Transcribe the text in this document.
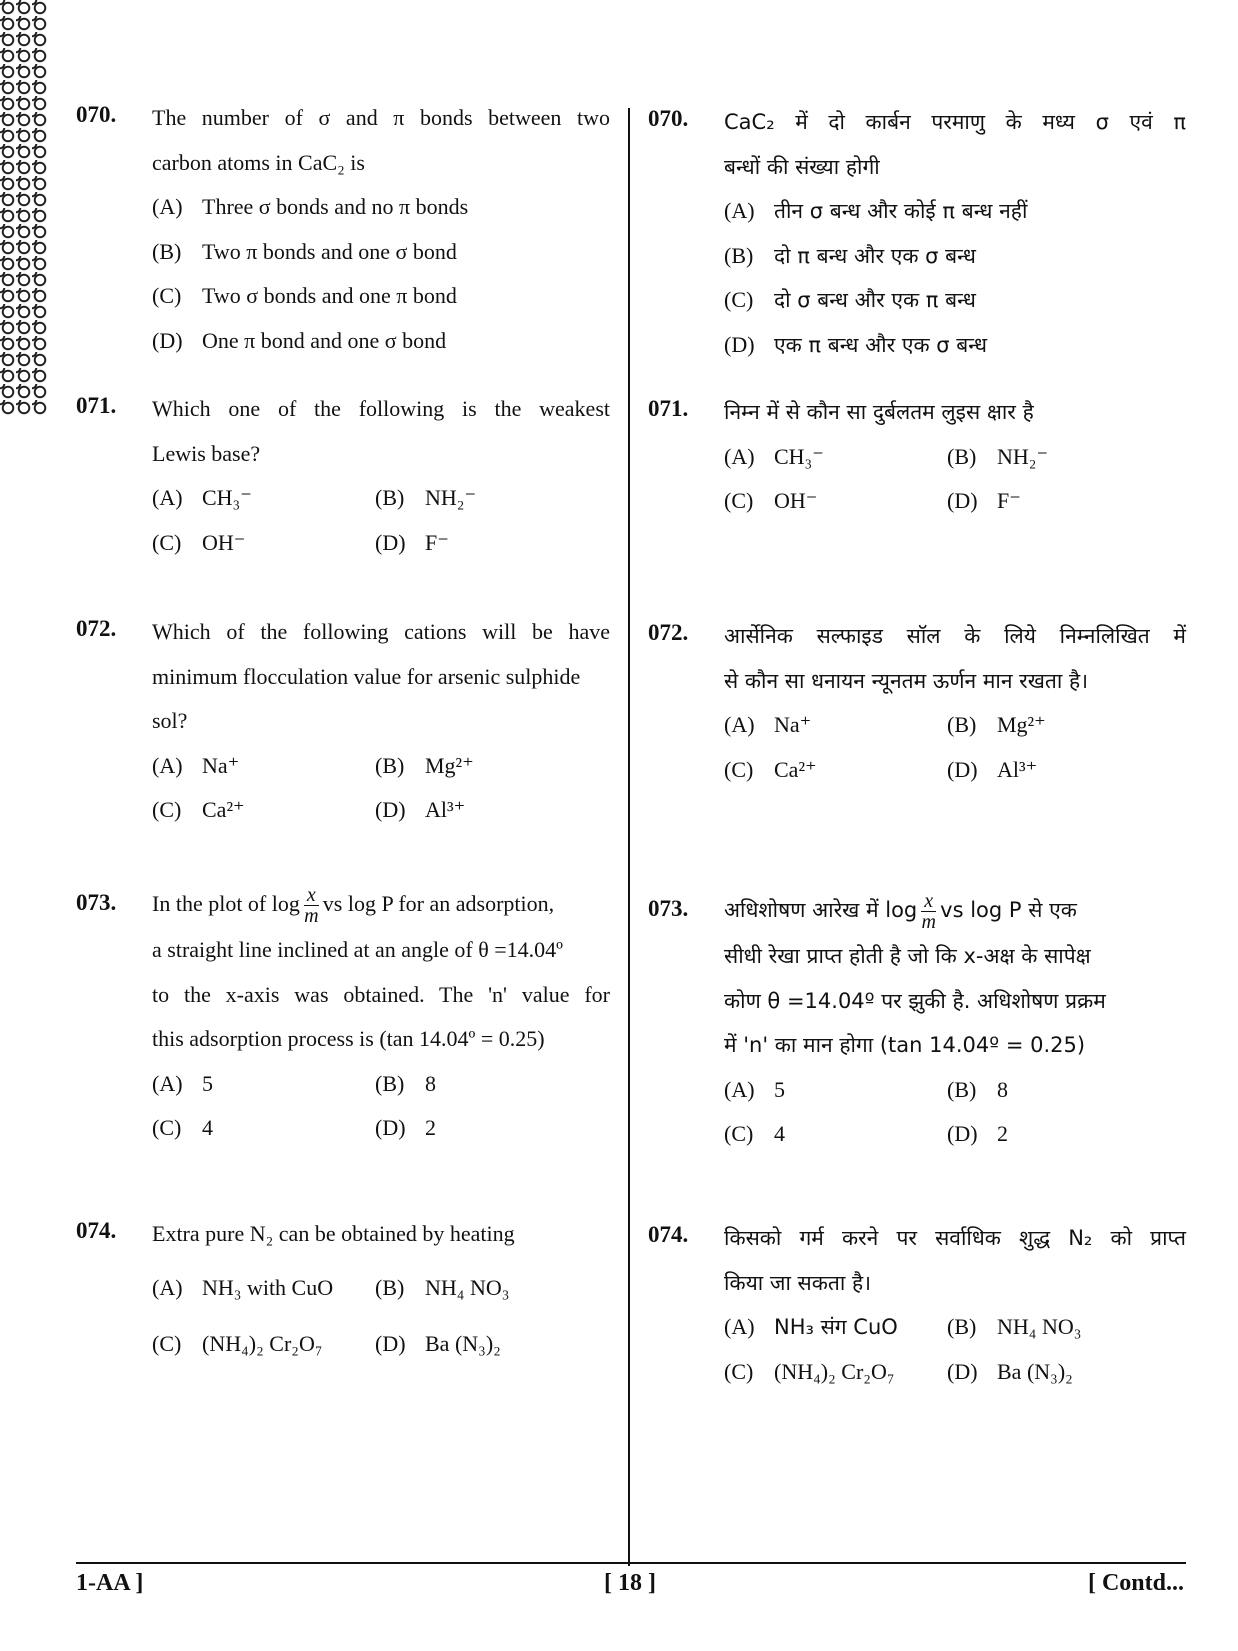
070. The number of σ and π bonds between two
carbon atoms in CaC₂ is
(A) Three σ bonds and no π bonds
(B) Two π bonds and one σ bond
(C) Two σ bonds and one π bond
(D) One π bond and one σ bond
071. Which one of the following is the weakest
Lewis base?
(A) CH₃⁻	(B) NH₂⁻
(C) OH⁻	(D) F⁻
072. Which of the following cations will be have
minimum flocculation value for arsenic sulphide
sol?
(A) Na⁺	(B) Mg²⁺
(C) Ca²⁺	(D) Al³⁺
073. In the plot of $\log \frac{x}{m}$ vs log P for an adsorption,
a straight line inclined at an angle of θ =14.04º
to the x-axis was obtained. The 'n' value for
this adsorption process is (tan 14.04º = 0.25)
(A) 5	(B) 8
(C) 4	(D) 2
074. Extra pure N₂ can be obtained by heating
(A) NH₃ with CuO (B) NH₄ NO₃
(C) (NH₄)₂ Cr₂O₇ (D) Ba (N₃)₂
070. CaC₂ में दो कार्बन परमाणु के मध्य σ एवं π
बन्धों की संख्या होगी
(A) तीन σ बन्ध और कोई π बन्ध नहीं
(B) दो π बन्ध और एक σ बन्ध
(C) दो σ बन्ध और एक π बन्ध
(D) एक π बन्ध और एक σ बन्ध
071. निम्न में से कौन सा दुर्बलतम लुइस क्षार है
(A) CH₃⁻	(B) NH₂⁻
(C) OH⁻	(D) F⁻
072. आर्सेनिक सल्फाइड सॉल के लिये निम्नलिखित में
से कौन सा धनायन न्यूनतम ऊर्णन मान रखता है।
(A) Na⁺	(B) Mg²⁺
(C) Ca²⁺	(D) Al³⁺
073. अधिशोषण आरेख में $\log \frac{x}{m}$ vs log P से एक
सीधी रेखा प्राप्त होती है जो कि x-अक्ष के सापेक्ष
कोण θ =14.04º पर झुकी है. अधिशोषण प्रक्रम
में 'n' का मान होगा (tan 14.04º = 0.25)
(A) 5	(B) 8
(C) 4	(D) 2
074. किसको गर्म करने पर सर्वाधिक शुद्ध N₂ को प्राप्त
किया जा सकता है।
(A) NH₃ संग CuO (B) NH₄ NO₃
(C) (NH₄)₂ Cr₂O₇ (D) Ba (N₃)₂
1-AA ]	[ 18 ]	[ Contd...
